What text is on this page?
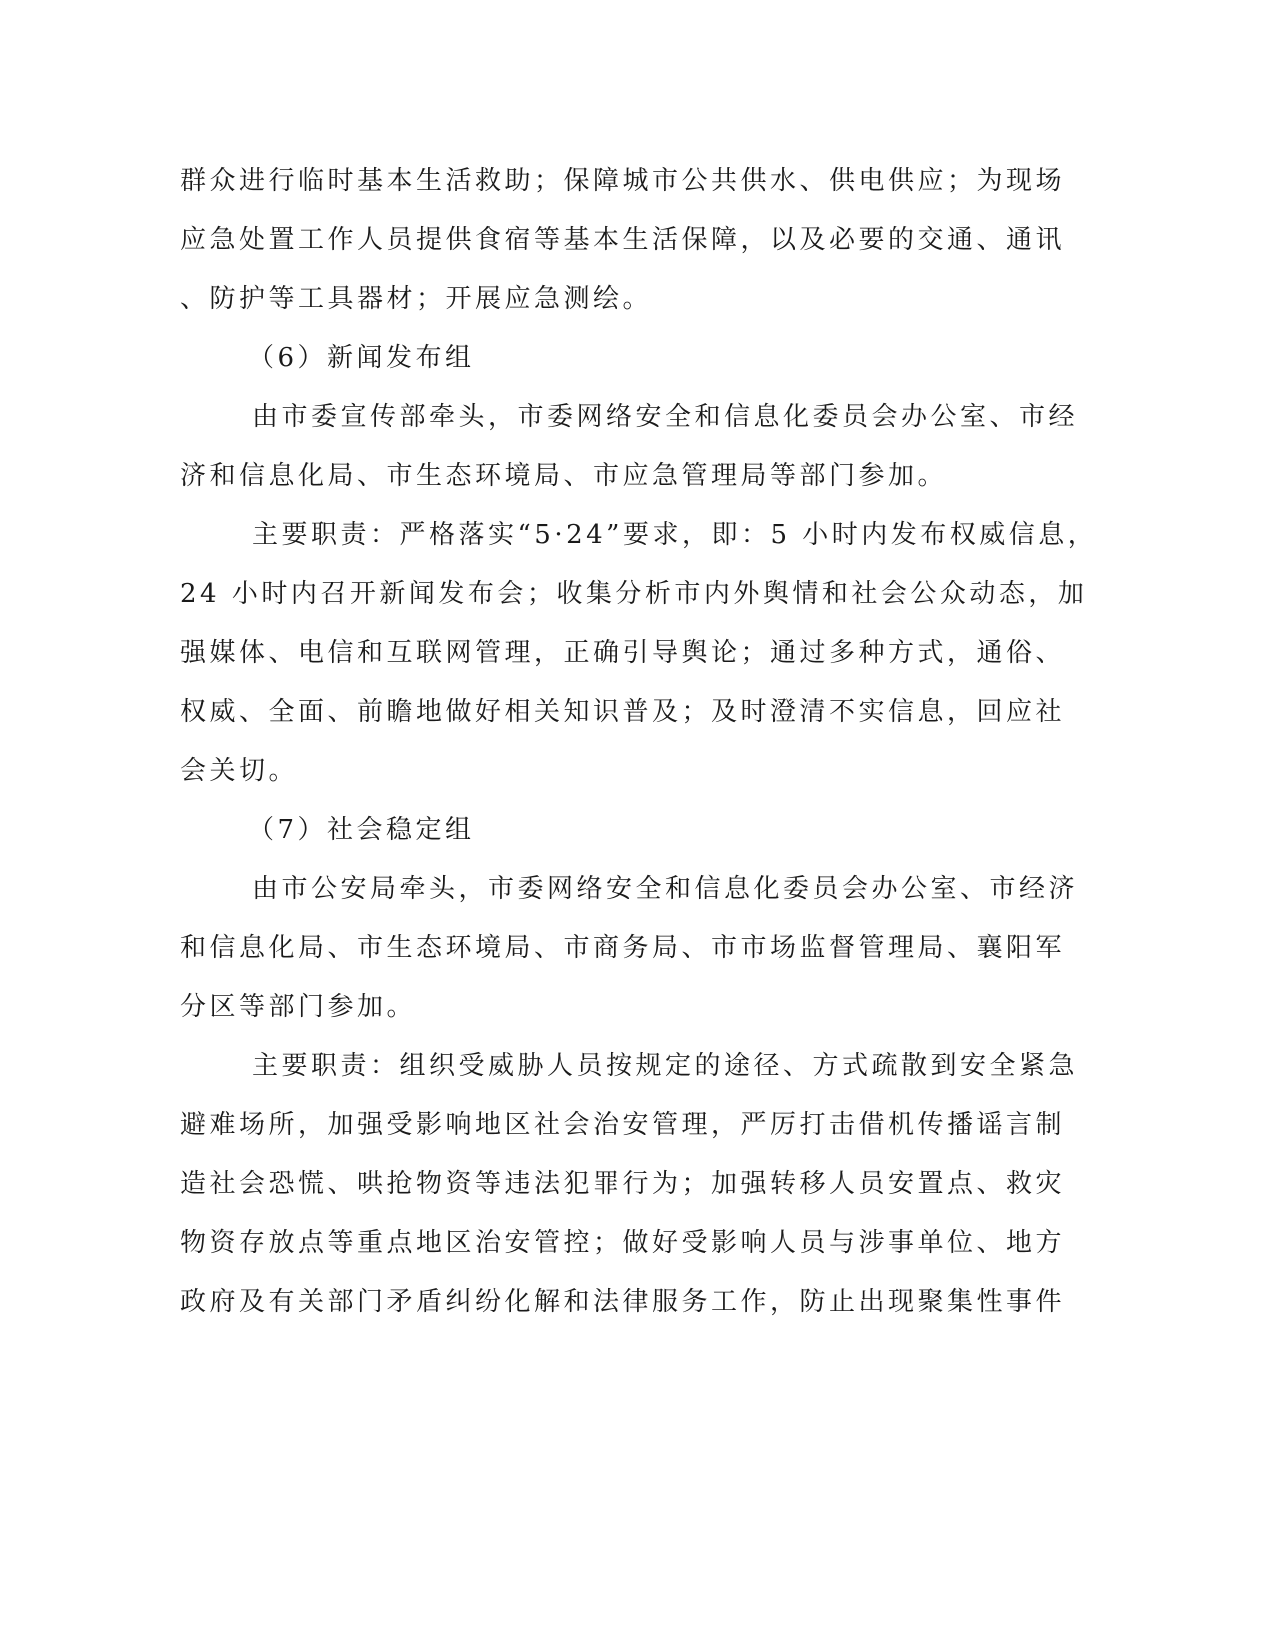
群众进行临时基本生活救助；保障城市公共供水、供电供应；为现场
应急处置工作人员提供食宿等基本生活保障，以及必要的交通、通讯
、防护等工具器材；开展应急测绘。
（6）新闻发布组
由市委宣传部牵头，市委网络安全和信息化委员会办公室、市经
济和信息化局、市生态环境局、市应急管理局等部门参加。
主要职责：严格落实“5·24”要求，即：5 小时内发布权威信息，
24 小时内召开新闻发布会；收集分析市内外舆情和社会公众动态，加
强媒体、电信和互联网管理，正确引导舆论；通过多种方式，通俗、
权威、全面、前瞻地做好相关知识普及；及时澄清不实信息，回应社
会关切。
（7）社会稳定组
由市公安局牵头，市委网络安全和信息化委员会办公室、市经济
和信息化局、市生态环境局、市商务局、市市场监督管理局、襄阳军
分区等部门参加。
主要职责：组织受威胁人员按规定的途径、方式疏散到安全紧急
避难场所，加强受影响地区社会治安管理，严厉打击借机传播谣言制
造社会恐慌、哄抢物资等违法犯罪行为；加强转移人员安置点、救灾
物资存放点等重点地区治安管控；做好受影响人员与涉事单位、地方
政府及有关部门矛盾纠纷化解和法律服务工作，防止出现聚集性事件
